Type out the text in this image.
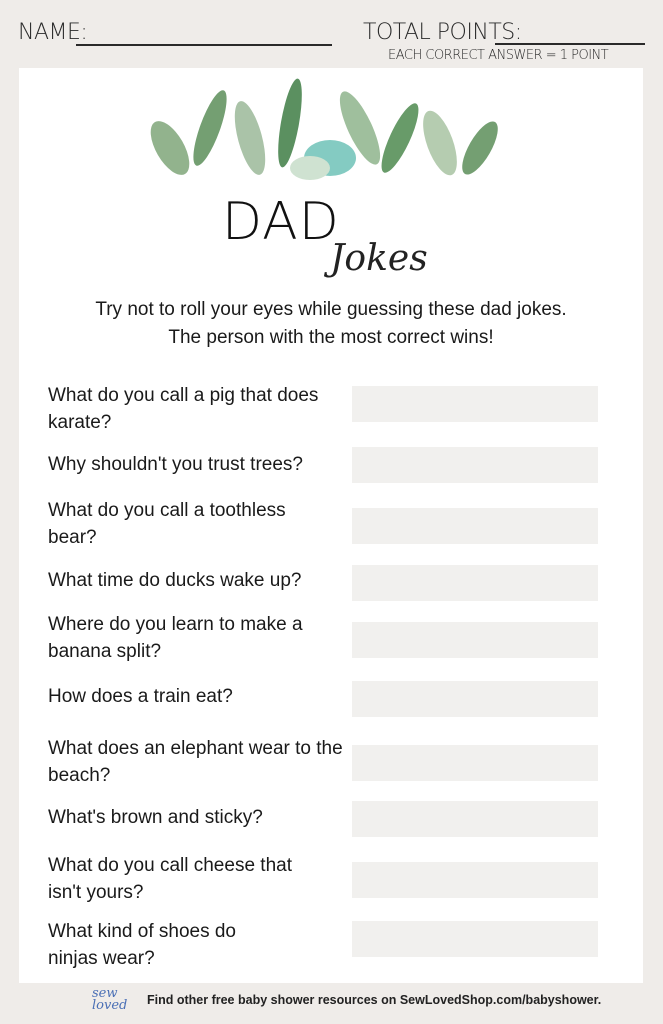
NAME:	TOTAL POINTS:
EACH CORRECT ANSWER = 1 POINT
DAD
Jokes
Try not to roll your eyes while guessing these dad jokes.
The person with the most correct wins!
What do you call a pig that does karate?
Why shouldn't you trust trees?
What do you call a toothless bear?
What time do ducks wake up?
Where do you learn to make a banana split?
How does a train eat?
What does an elephant wear to the beach?
What's brown and sticky?
What do you call cheese that isn't yours?
What kind of shoes do ninjas wear?
sew loved	Find other free baby shower resources on SewLovedShop.com/babyshower.
